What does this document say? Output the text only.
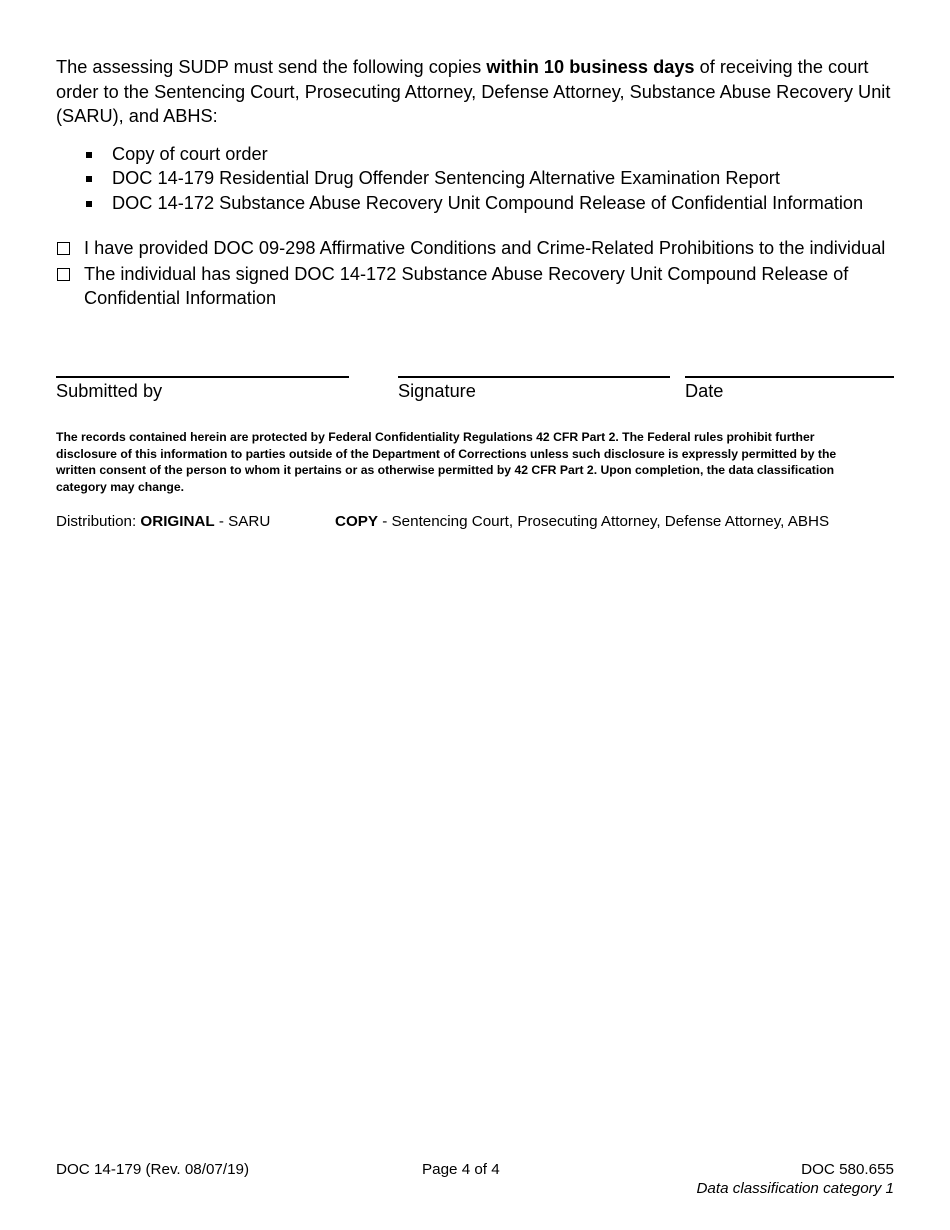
The assessing SUDP must send the following copies within 10 business days of receiving the court order to the Sentencing Court, Prosecuting Attorney, Defense Attorney, Substance Abuse Recovery Unit (SARU), and ABHS:

Copy of court order
DOC 14-179 Residential Drug Offender Sentencing Alternative Examination Report
DOC 14-172 Substance Abuse Recovery Unit Compound Release of Confidential Information
I have provided DOC 09-298 Affirmative Conditions and Crime-Related Prohibitions to the individual
The individual has signed DOC 14-172 Substance Abuse Recovery Unit Compound Release of Confidential Information
Submitted by	Signature	Date

The records contained herein are protected by Federal Confidentiality Regulations 42 CFR Part 2. The Federal rules prohibit further disclosure of this information to parties outside of the Department of Corrections unless such disclosure is expressly permitted by the written consent of the person to whom it pertains or as otherwise permitted by 42 CFR Part 2. Upon completion, the data classification category may change.

Distribution: ORIGINAL - SARU	COPY - Sentencing Court, Prosecuting Attorney, Defense Attorney, ABHS
DOC 14-179 (Rev. 08/07/19)	Page 4 of 4	DOC 580.655
Data classification category 1
